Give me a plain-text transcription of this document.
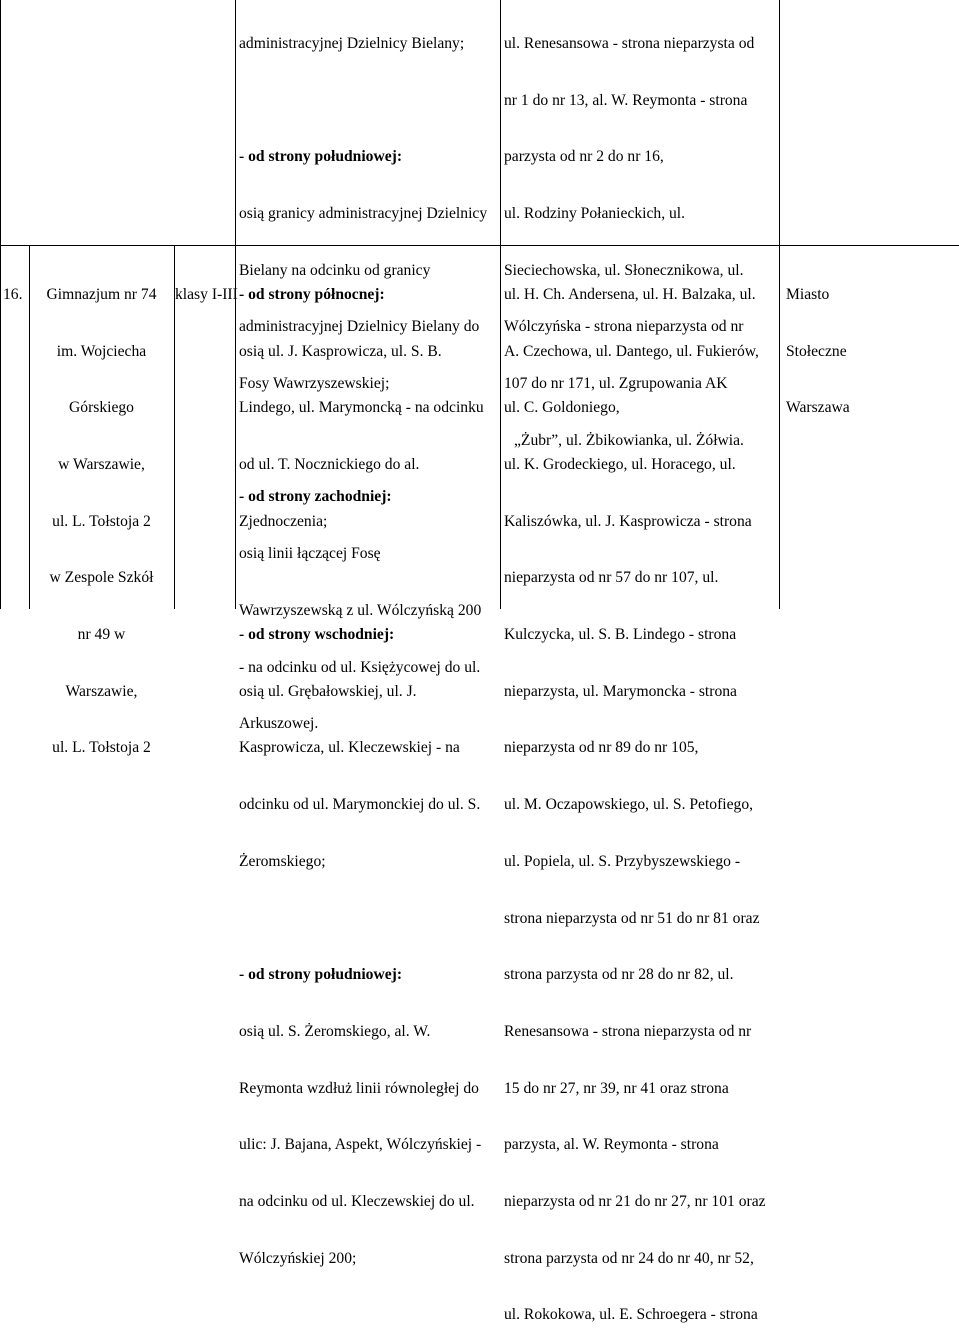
administracyjnej Dzielnicy Bielany;

- od strony południowej:

osią granicy administracyjnej Dzielnicy

Bielany na odcinku od granicy

administracyjnej Dzielnicy Bielany do

Fosy Wawrzyszewskiej;

- od strony zachodniej:

osią linii łączącej Fosę

Wawrzyszewską z ul. Wólczyńską 200

- na odcinku od ul. Księżycowej do ul.

Arkuszowej.

ul. Renesansowa - strona nieparzysta od

nr 1 do nr 13, al. W. Reymonta - strona

parzysta od nr 2 do nr 16,

ul. Rodziny Połanieckich, ul.

Sieciechowska, ul. Słonecznikowa, ul.

Wólczyńska - strona nieparzysta od nr

107 do nr 171, ul. Zgrupowania AK

„Żubr”, ul. Żbikowianka, ul. Żółwia.

16.

	Gimnazjum nr 74

im. Wojciecha

Górskiego

w Warszawie,

ul. L. Tołstoja 2

w Zespole Szkół

nr 49 w

Warszawie,

ul. L. Tołstoja 2

klasy I-III

- od strony północnej:

osią ul. J. Kasprowicza, ul. S. B.

Lindego, ul. Marymoncką - na odcinku

od ul. T. Nocznickiego do al.

Zjednoczenia;

- od strony wschodniej:

osią ul. Grębałowskiej, ul. J.

Kasprowicza, ul. Kleczewskiej - na

odcinku od ul. Marymonckiej do ul. S.

Żeromskiego;

- od strony południowej:

osią ul. S. Żeromskiego, al. W.

Reymonta wzdłuż linii równoległej do

ulic: J. Bajana, Aspekt, Wólczyńskiej -

na odcinku od ul. Kleczewskiej do ul.

Wólczyńskiej 200;

ul. H. Ch. Andersena, ul. H. Balzaka, ul.

A. Czechowa, ul. Dantego, ul. Fukierów,

ul. C. Goldoniego,

ul. K. Grodeckiego, ul. Horacego, ul.

Kaliszówka, ul. J. Kasprowicza - strona

nieparzysta od nr 57 do nr 107, ul.

Kulczycka, ul. S. B. Lindego - strona

nieparzysta, ul. Marymoncka - strona

nieparzysta od nr 89 do nr 105,

ul. M. Oczapowskiego, ul. S. Petofiego,

ul. Popiela, ul. S. Przybyszewskiego -

strona nieparzysta od nr 51 do nr 81 oraz

strona parzysta od nr 28 do nr 82, ul.

Renesansowa - strona nieparzysta od nr

15 do nr 27, nr 39, nr 41 oraz strona

parzysta, al. W. Reymonta - strona

nieparzysta od nr 21 do nr 27, nr 101 oraz

strona parzysta od nr 24 do nr 40, nr 52,

ul. Rokokowa, ul. E. Schroegera - strona

Miasto

Stołeczne

Warszawa
